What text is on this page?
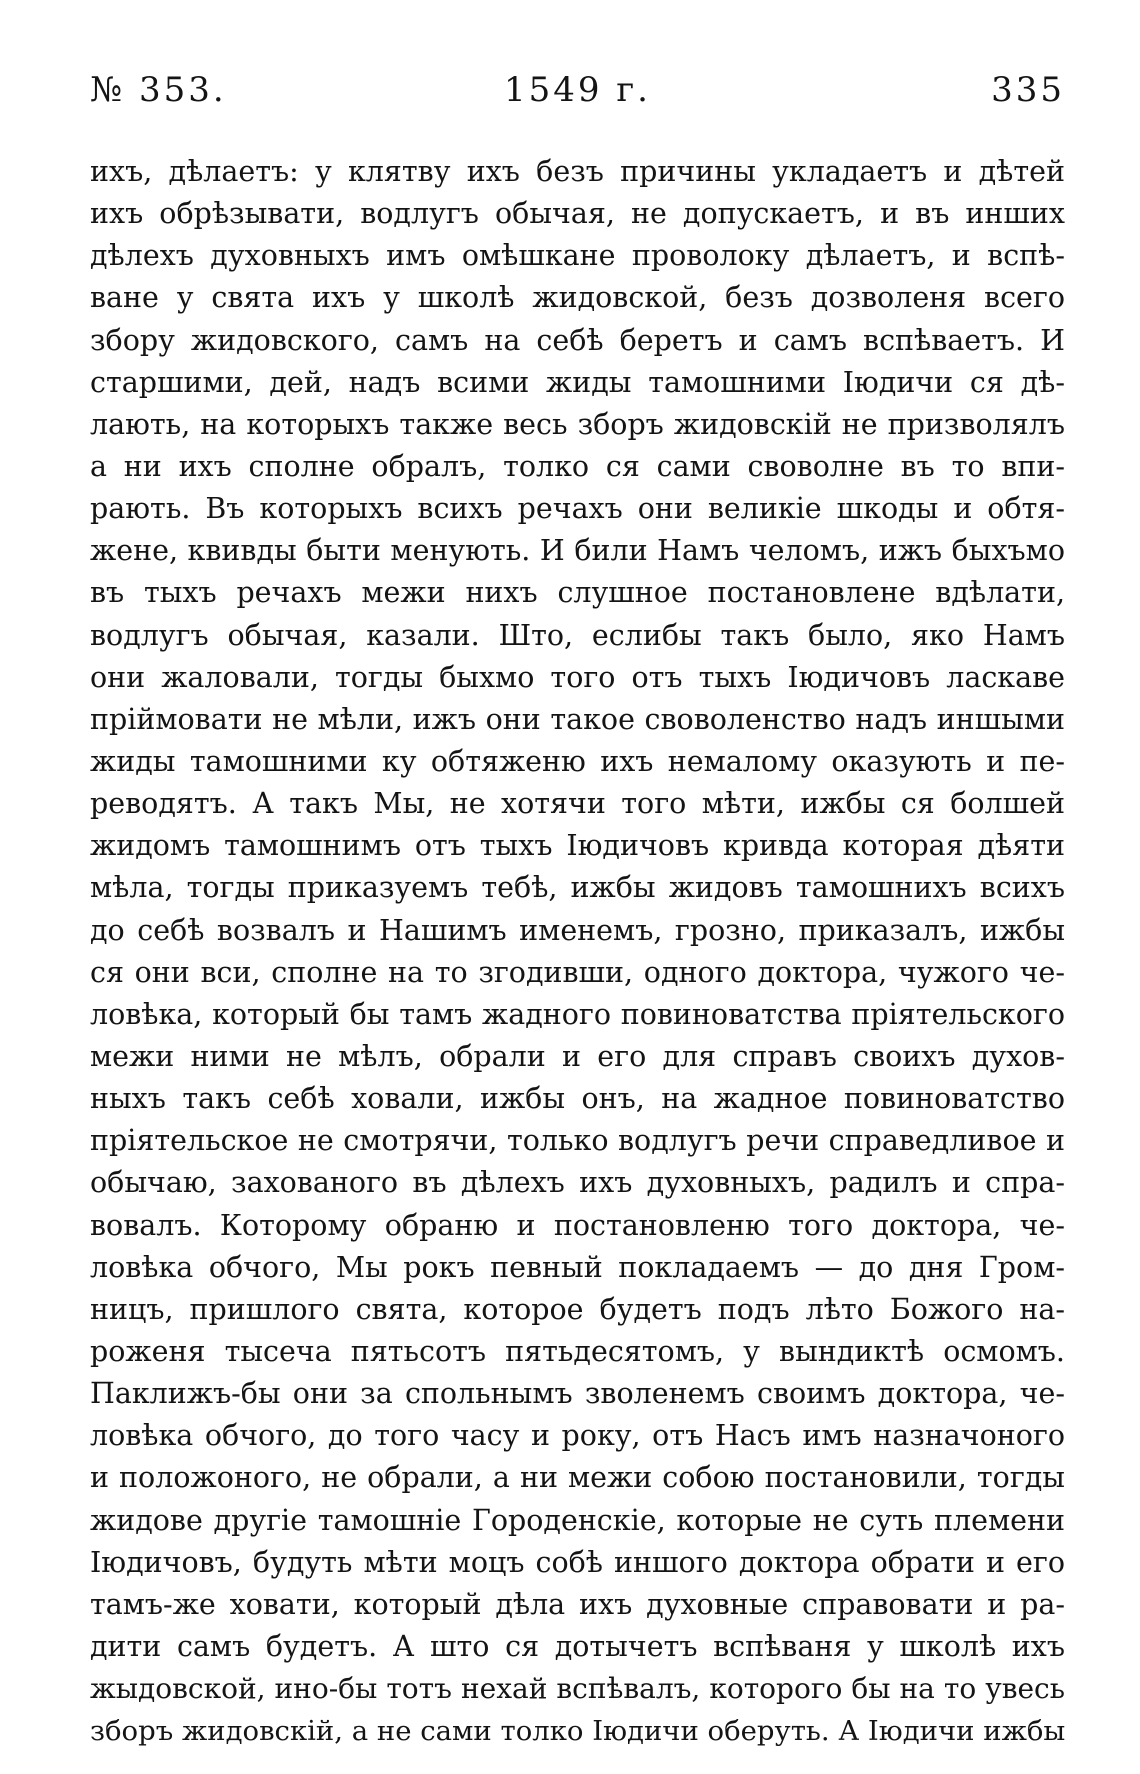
№ 353.	1549 г.	335
ихъ, дѣлаетъ: у клятву ихъ безъ причины укладаетъ и дѣтей
ихъ обрѣзывати, водлугъ обычая, не допускаетъ, и въ инших
дѣлехъ духовныхъ имъ омѣшкане проволоку дѣлаетъ, и вспѣ-
ване у свята ихъ у школѣ жидовской, безъ дозволеня всего
збору жидовского, самъ на себѣ беретъ и самъ вспѣваетъ. И
старшими, дей, надъ всими жиды тамошними Іюдичи ся дѣ-
лають, на которыхъ также весь зборъ жидовскій не призволялъ
а ни ихъ сполне обралъ, толко ся сами своволне въ то впи-
рають. Въ которыхъ всихъ речахъ они великіе шкоды и обтя-
жене, квивды быти менують. И били Намъ челомъ, ижъ быхъмо
въ тыхъ речахъ межи нихъ слушное постановлене вдѣлати,
водлугъ обычая, казали. Што, еслибы такъ было, яко Намъ
они жаловали, тогды быхмо того отъ тыхъ Іюдичовъ ласкаве
пріймовати не мѣли, ижъ они такое своволенство надъ иншыми
жиды тамошними ку обтяженю ихъ немалому оказують и пе-
реводятъ. А такъ Мы, не хотячи того мѣти, ижбы ся болшей
жидомъ тамошнимъ отъ тыхъ Іюдичовъ кривда которая дѣяти
мѣла, тогды приказуемъ тебѣ, ижбы жидовъ тамошнихъ всихъ
до себѣ возвалъ и Нашимъ именемъ, грозно, приказалъ, ижбы
ся они вси, сполне на то згодивши, одного доктора, чужого че-
ловѣка, который бы тамъ жадного повиноватства пріятельского
межи ними не мѣлъ, обрали и его для справъ своихъ духов-
ныхъ такъ себѣ ховали, ижбы онъ, на жадное повиноватство
пріятельское не смотрячи, только водлугъ речи справедливое и
обычаю, захованого въ дѣлехъ ихъ духовныхъ, радилъ и спра-
вовалъ. Которому обраню и постановленю того доктора, че-
ловѣка обчого, Мы рокъ певный покладаемъ — до дня Гром-
ницъ, пришлого свята, которое будетъ подъ лѣто Божого на-
роженя тысеча пятьсотъ пятьдесятомъ, у вындиктѣ осмомъ.
Паклижъ-бы они за спольнымъ зволенемъ своимъ доктора, че-
ловѣка обчого, до того часу и року, отъ Насъ имъ назначоного
и положоного, не обрали, а ни межи собою постановили, тогды
жидове другіе тамошніе Городенскіе, которые не суть племени
Іюдичовъ, будуть мѣти моцъ собѣ иншого доктора обрати и его
тамъ-же ховати, который дѣла ихъ духовные справовати и ра-
дити самъ будетъ. А што ся дотычетъ вспѣваня у школѣ ихъ
жыдовской, ино-бы тотъ нехай вспѣвалъ, которого бы на то увесь
зборъ жидовскій, а не сами толко Іюдичи оберуть. А Іюдичи ижбы
